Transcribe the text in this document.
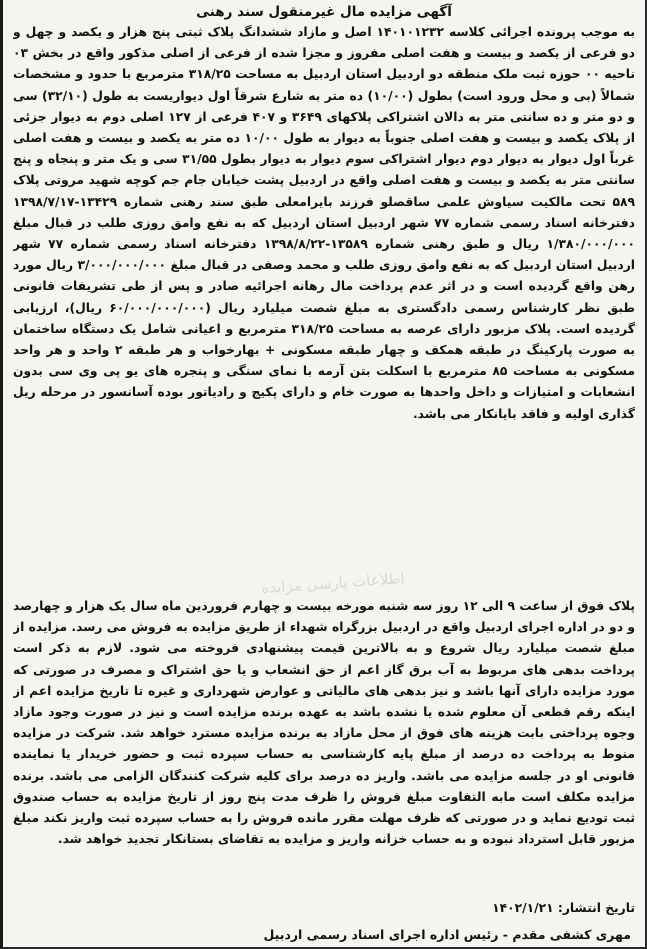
آگهی مزایده مال غیرمنقول سند رهنی

به موجب پرونده اجرائی کلاسه ۱۴۰۱۰۱۲۳۲ اصل و مازاد ششدانگ پلاک ثبتی پنج هزار و یکصد و چهل و دو فرعی از یکصد و بیست و هفت اصلی مفروز و مجزا شده از فرعی از اصلی مذکور واقع در بخش ۰۳ ناحیه ۰۰ حوزه ثبت ملک منطقه دو اردبیل استان اردبیل به مساحت ۳۱۸/۲۵ مترمربع با حدود و مشخصات شمالاً (بی و محل ورود است) بطول (۱۰/۰۰) ده متر به شارع شرقاً اول دیواریست به طول (۳۲/۱۰) سی و دو متر و ده سانتی متر به دالان اشتراکی پلاکهای ۳۶۴۹ و ۴۰۷ فرعی از ۱۲۷ اصلی دوم به دیوار جزئی از پلاک یکصد و بیست و هفت اصلی جنوباً به دیوار به طول ۱۰/۰۰ ده متر به یکصد و بیست و هفت اصلی غرباً اول دیوار به دیوار دوم دیوار اشتراکی سوم دیوار به دیوار بطول ۳۱/۵۵ سی و یک متر و پنجاه و پنج سانتی متر به یکصد و بیست و هفت اصلی واقع در اردبیل پشت خیابان جام جم کوچه شهید مروتی پلاک ۵۸۹ تحت مالکیت سیاوش علمی ساقصلو فرزند بایرامعلی طبق سند رهنی شماره ۱۳۴۲۹-۱۳۹۸/۷/۱۷ دفترخانه اسناد رسمی شماره ۷۷ شهر اردبیل استان اردبیل که به نفع وامق روزی طلب در قبال مبلغ ۱/۳۸۰/۰۰۰/۰۰۰ ریال و طبق رهنی شماره ۱۳۵۸۹-۱۳۹۸/۸/۲۲ دفترخانه اسناد رسمی شماره ۷۷ شهر اردبیل استان اردبیل که به نفع وامق روزی طلب و محمد وصفی در قبال مبلغ ۳/۰۰۰/۰۰۰/۰۰۰ ریال مورد رهن واقع گردیده است و در اثر عدم پرداخت مال رهانه اجرائیه صادر و پس از طی تشریفات قانونی طبق نظر کارشناس رسمی دادگستری به مبلغ شصت میلیارد ریال (۶۰/۰۰۰/۰۰۰/۰۰۰ ریال)، ارزیابی گردیده است. پلاک مزبور دارای عرصه به مساحت ۳۱۸/۲۵ مترمربع و اعیانی شامل یک دستگاه ساختمان به صورت پارکینگ در طبقه همکف و چهار طبقه مسکونی + بهارخواب و هر طبقه ۲ واحد و هر واحد مسکونی به مساحت ۸۵ مترمربع با اسکلت بتن آرمه با نمای سنگی و پنجره های یو پی وی سی بدون انشعابات و امتیازات و داخل واحدها به صورت خام و دارای پکیج و رادیاتور بوده آسانسور در مرحله ریل گذاری اولیه و فاقد بایانکار می باشد.

پلاک فوق از ساعت ۹ الی ۱۲ روز سه شنبه مورخه بیست و چهارم فروردین ماه سال یک هزار و چهارصد و دو در اداره اجرای اردبیل واقع در اردبیل بزرگراه شهداء از طریق مزایده به فروش می رسد. مزایده از مبلغ شصت میلیارد ریال شروع و به بالاترین قیمت پیشنهادی فروخته می شود. لازم به ذکر است پرداخت بدهی های مربوط به آب برق گاز اعم از حق انشعاب و یا حق اشتراک و مصرف در صورتی که مورد مزایده دارای آنها باشد و نیز بدهی های مالیاتی و عوارض شهرداری و غیره تا تاریخ مزایده اعم از اینکه رقم قطعی آن معلوم شده یا نشده باشد به عهده برنده مزایده است و نیز در صورت وجود مازاد وجوه پرداختی بابت هزینه های فوق از محل مازاد به برنده مزایده مسترد خواهد شد. شرکت در مزایده منوط به پرداخت ده درصد از مبلغ پایه کارشناسی به حساب سپرده ثبت و حضور خریدار یا نماینده قانونی او در جلسه مزایده می باشد. واریز ده درصد برای کلیه شرکت کنندگان الزامی می باشد. برنده مزایده مکلف است مابه التفاوت مبلغ فروش را ظرف مدت پنج روز از تاریخ مزایده به حساب صندوق ثبت تودیع نماید و در صورتی که ظرف مهلت مقرر مانده فروش را به حساب سپرده ثبت واریز نکند مبلغ مزبور قابل استرداد نبوده و به حساب خزانه واریز و مزایده به تقاضای بستانکار تجدید خواهد شد.

تاریخ انتشار: ۱۴۰۲/۱/۲۱
مهری کشفی مقدم - رئیس اداره اجرای اسناد رسمی اردبیل
اطلاعات پارسی مزایده
